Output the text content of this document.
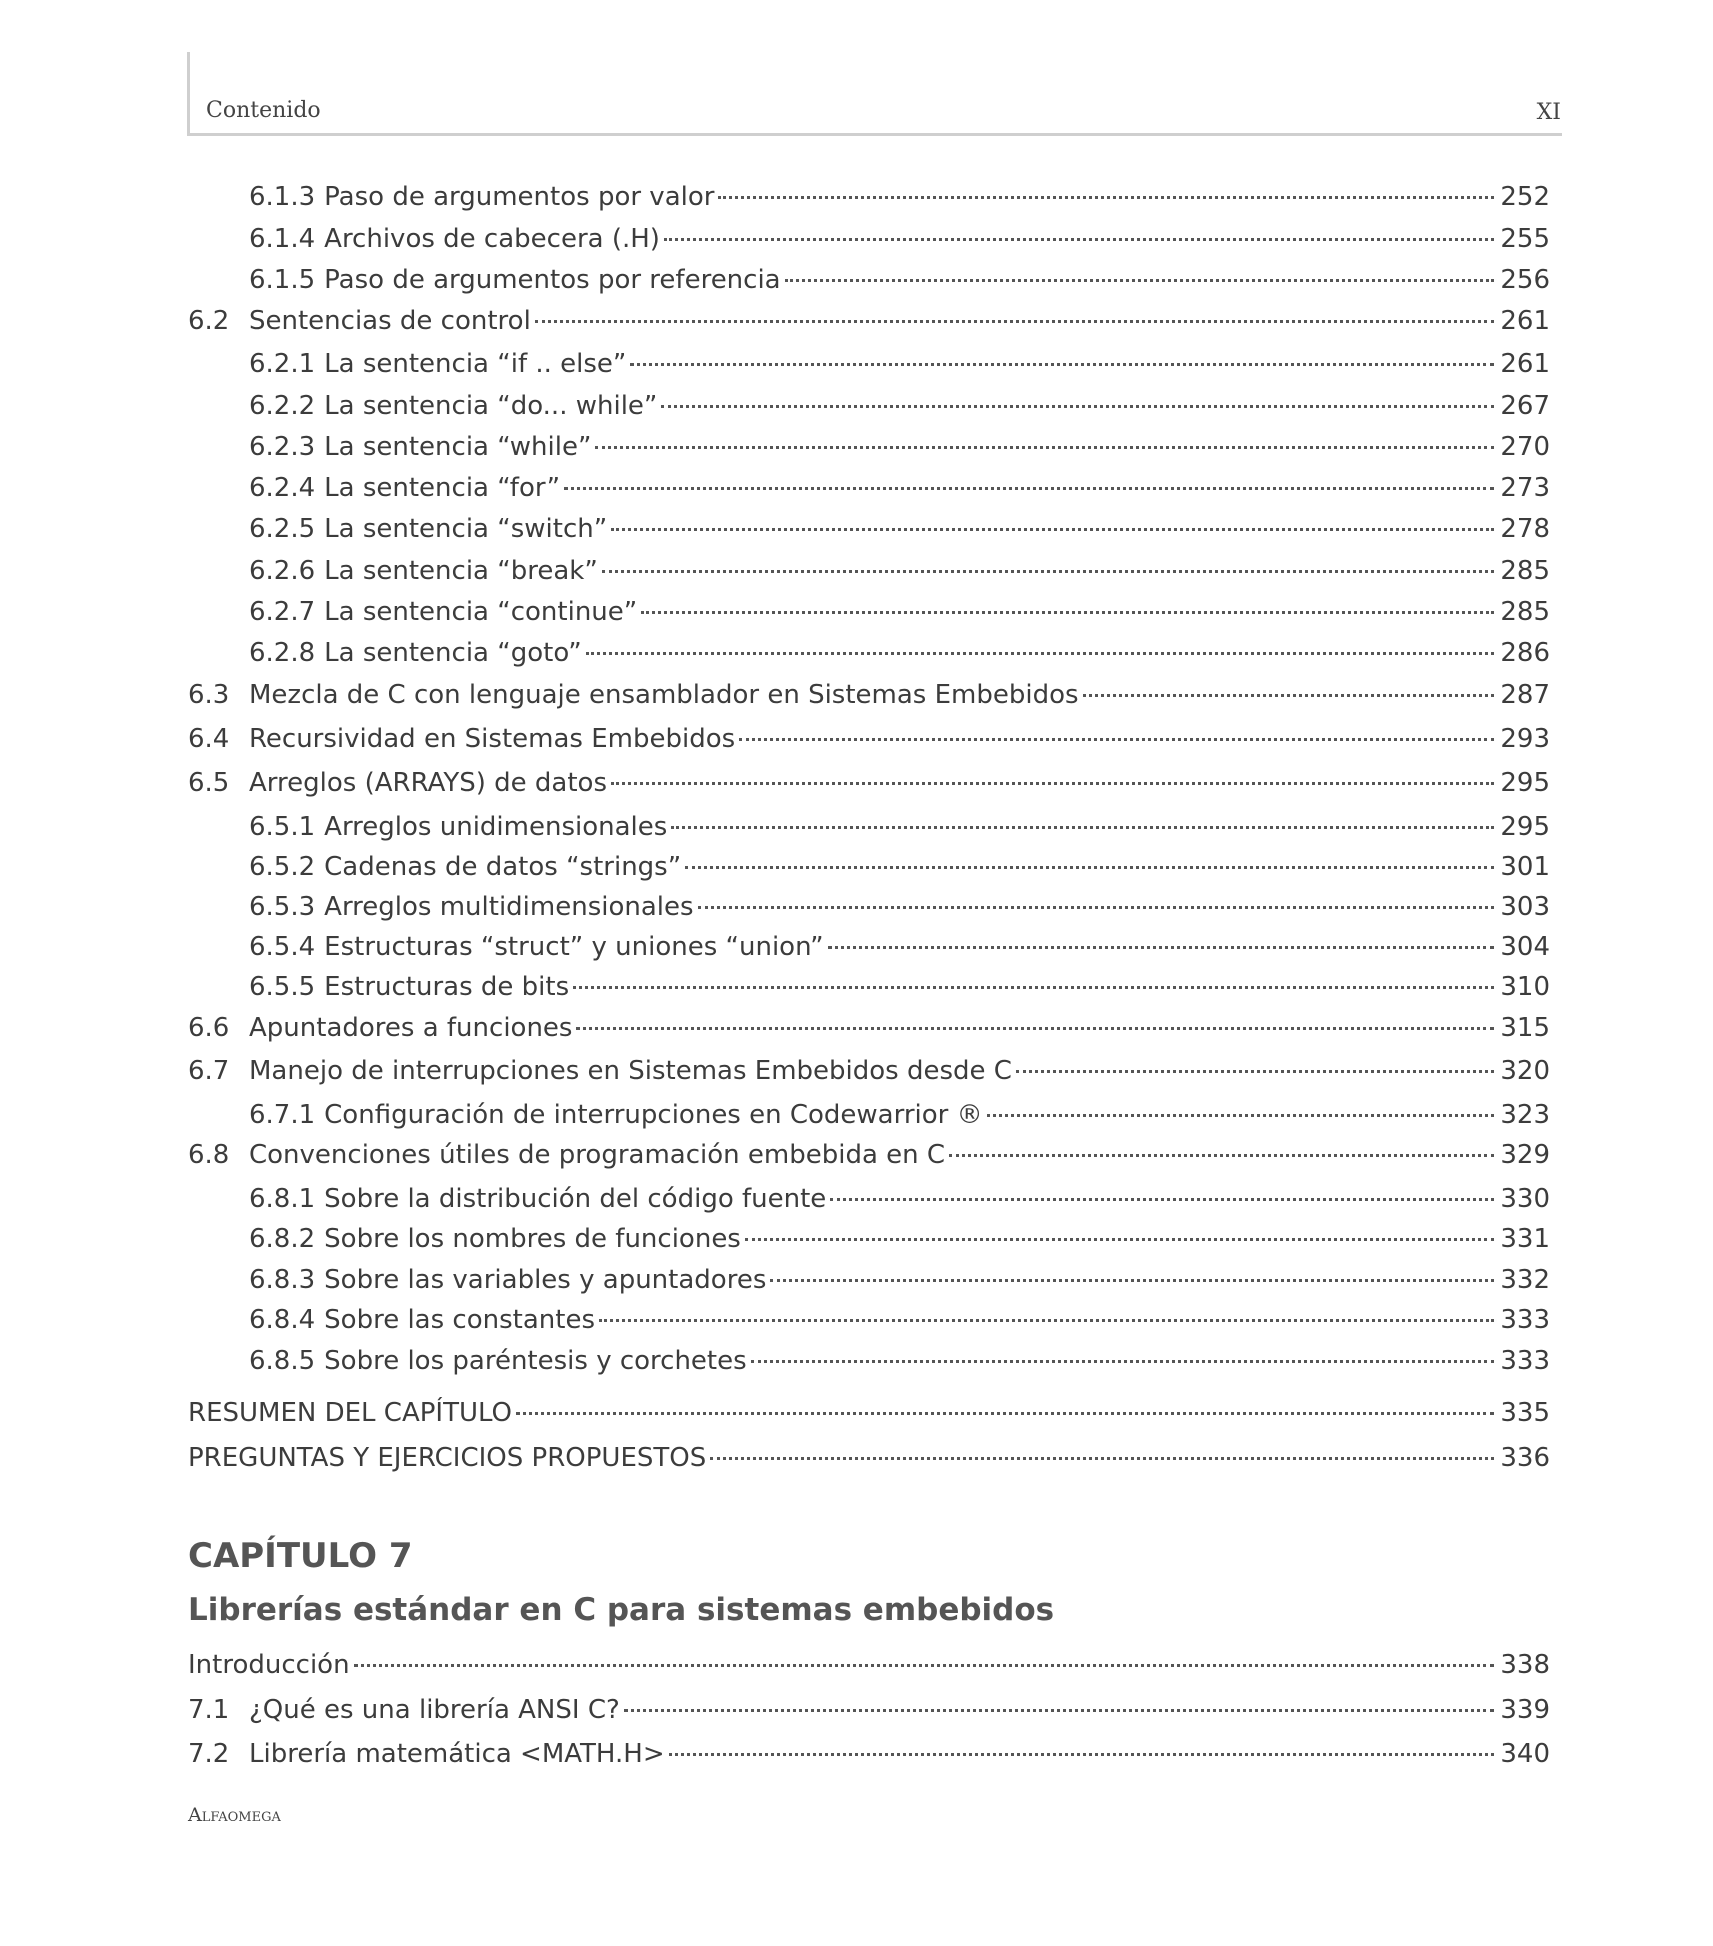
Contenido	XI
6.1.3 Paso de argumentos por valor	252
6.1.4 Archivos de cabecera (.H)	255
6.1.5 Paso de argumentos por referencia	256
6.2 Sentencias de control	261
6.2.1 La sentencia “if .. else”	261
6.2.2 La sentencia “do... while”	267
6.2.3 La sentencia “while”	270
6.2.4 La sentencia “for”	273
6.2.5 La sentencia “switch”	278
6.2.6 La sentencia “break”	285
6.2.7 La sentencia “continue”	285
6.2.8 La sentencia “goto”	286
6.3 Mezcla de C con lenguaje ensamblador en Sistemas Embebidos	287
6.4 Recursividad en Sistemas Embebidos	293
6.5 Arreglos (ARRAYS) de datos	295
6.5.1 Arreglos unidimensionales	295
6.5.2 Cadenas de datos “strings”	301
6.5.3 Arreglos multidimensionales	303
6.5.4 Estructuras “struct” y uniones “union”	304
6.5.5 Estructuras de bits	310
6.6 Apuntadores a funciones	315
6.7 Manejo de interrupciones en Sistemas Embebidos desde C	320
6.7.1 Configuración de interrupciones en Codewarrior ®	323
6.8 Convenciones útiles de programación embebida en C	329
6.8.1 Sobre la distribución del código fuente	330
6.8.2 Sobre los nombres de funciones	331
6.8.3 Sobre las variables y apuntadores	332
6.8.4 Sobre las constantes	333
6.8.5 Sobre los paréntesis y corchetes	333
RESUMEN DEL CAPÍTULO	335
PREGUNTAS Y EJERCICIOS PROPUESTOS	336
CAPÍTULO 7
Librerías estándar en C para sistemas embebidos
Introducción	338
7.1 ¿Qué es una librería ANSI C?	339
7.2 Librería matemática <MATH.H>	340
Alfaomega
